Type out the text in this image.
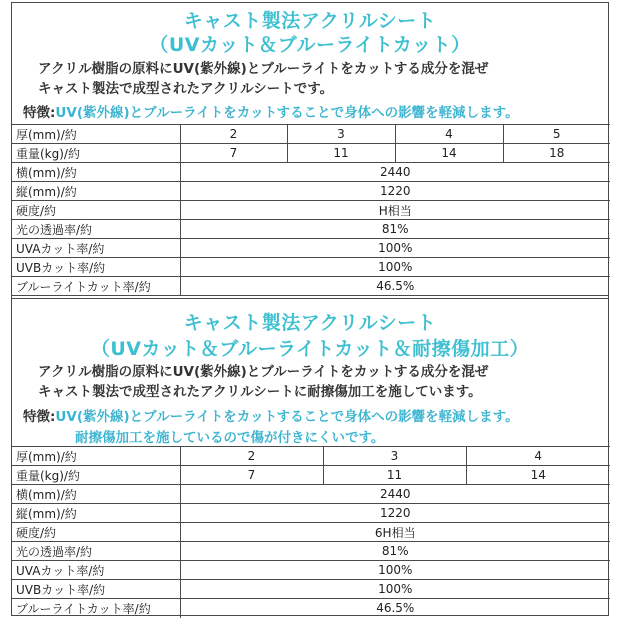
キャスト製法アクリルシート
（UVカット＆ブルーライトカット）
アクリル樹脂の原料にUV(紫外線)とブルーライトをカットする成分を混ぜ
キャスト製法で成型されたアクリルシートです。
特徴:UV(紫外線)とブルーライトをカットすることで身体への影響を軽減します。
厚(mm)/約	2	3	4	5
重量(kg)/約	7	11	14	18
横(mm)/約	2440			
縦(mm)/約	1220			
硬度/約	H相当			
光の透過率/約	81%			
UVAカット率/約	100%			
UVBカット率/約	100%			
ブルーライトカット率/約	46.5%			
キャスト製法アクリルシート
（UVカット＆ブルーライトカット＆耐擦傷加工）
アクリル樹脂の原料にUV(紫外線)とブルーライトをカットする成分を混ぜ
キャスト製法で成型されたアクリルシートに耐擦傷加工を施しています。
特徴:UV(紫外線)とブルーライトをカットすることで身体への影響を軽減します。
耐擦傷加工を施しているので傷が付きにくいです。
厚(mm)/約	2	3	4
重量(kg)/約	7	11	14
横(mm)/約	2440		
縦(mm)/約	1220		
硬度/約	6H相当		
光の透過率/約	81%		
UVAカット率/約	100%		
UVBカット率/約	100%		
ブルーライトカット率/約	46.5%		
